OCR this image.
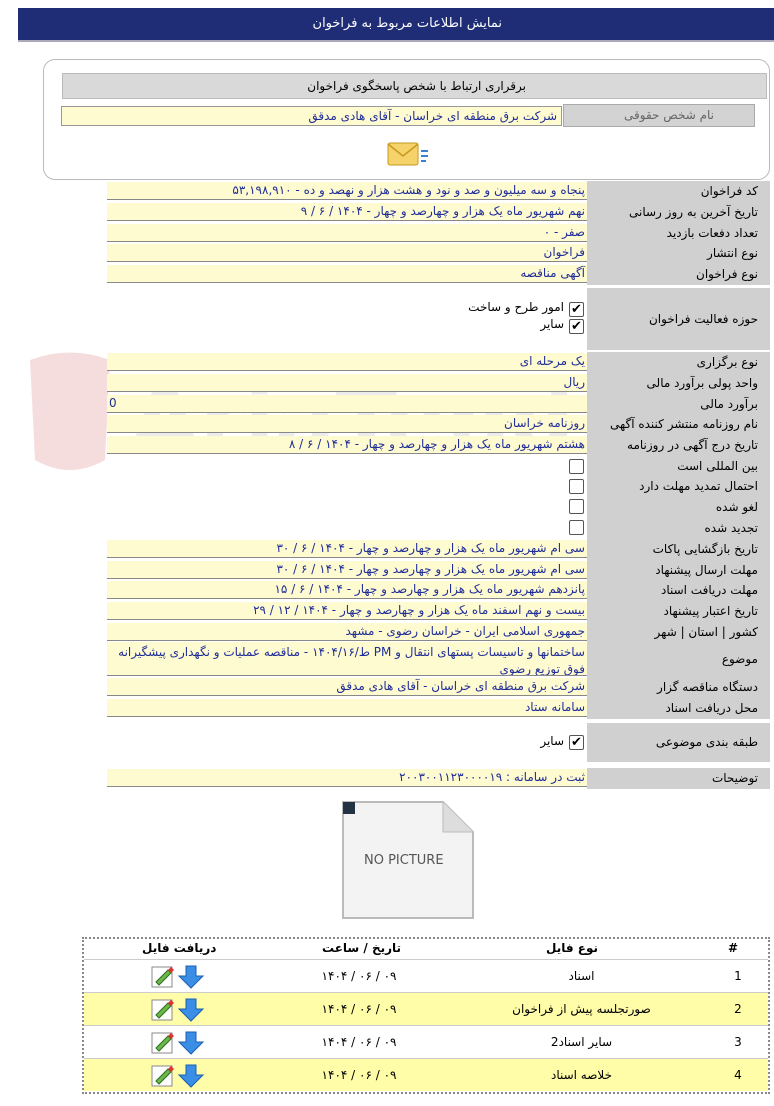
نمایش اطلاعات مربوط به فراخوان
برقراری ارتباط با شخص پاسخگوی فراخوان
نام شخص حقوقی
شرکت برق منطقه ای خراسان - آقای هادی مدقق
کد فراخوان
۵۳,۱۹۸,۹۱۰ - پنجاه و سه میلیون و صد و نود و هشت هزار و نهصد و ده
تاریخ آخرین به روز رسانی
۹ / ۶ / ۱۴۰۴ - نهم شهریور ماه یک هزار و چهارصد و چهار
تعداد دفعات بازدید
۰ - صفر
نوع انتشار
فراخوان
نوع فراخوان
آگهی مناقصه
حوزه فعالیت فراخوان
✔
امور طرح و ساخت
✔
سایر
نوع برگزاری
یک مرحله ای
واحد پولی برآورد مالی
ریال
برآورد مالی
0
نام روزنامه منتشر کننده آگهی
روزنامه خراسان
تاریخ درج آگهی در روزنامه
۸ / ۶ / ۱۴۰۴ - هشتم شهریور ماه یک هزار و چهارصد و چهار
بین المللی است
احتمال تمدید مهلت دارد
لغو شده
تجدید شده
تاریخ بازگشایی پاکات
۳۰ / ۶ / ۱۴۰۴ - سی ام شهریور ماه یک هزار و چهارصد و چهار
مهلت ارسال پیشنهاد
۳۰ / ۶ / ۱۴۰۴ - سی ام شهریور ماه یک هزار و چهارصد و چهار
مهلت دریافت اسناد
۱۵ / ۶ / ۱۴۰۴ - پانزدهم شهریور ماه یک هزار و چهارصد و چهار
تاریخ اعتبار پیشنهاد
۲۹ / ۱۲ / ۱۴۰۴ - بیست و نهم اسفند ماه یک هزار و چهارصد و چهار
کشور | استان | شهر
جمهوری اسلامی ایران - خراسان رضوی - مشهد
موضوع
ط/۱۴۰۴/۱۶ - مناقصه عملیات و نگهداری پیشگیرانه PM ساختمانها و تاسیسات پستهای انتقال و فوق توزیع رضوی
دستگاه مناقصه گزار
شرکت برق منطقه ای خراسان - آقای هادی مدقق
محل دریافت اسناد
سامانه ستاد
طبقه بندی موضوعی
✔
سایر
توضیحات
ثبت در سامانه : ۲۰۰۳۰۰۱۱۲۳۰۰۰۰۱۹
NO PICTURE
#
نوع فایل
تاریخ / ساعت
دریافت فایل
1
اسناد
۱۴۰۴ / ۰۶ / ۰۹
2
صورتجلسه پیش از فراخوان
۱۴۰۴ / ۰۶ / ۰۹
3
سایر اسناد2
۱۴۰۴ / ۰۶ / ۰۹
4
خلاصه اسناد
۱۴۰۴ / ۰۶ / ۰۹
